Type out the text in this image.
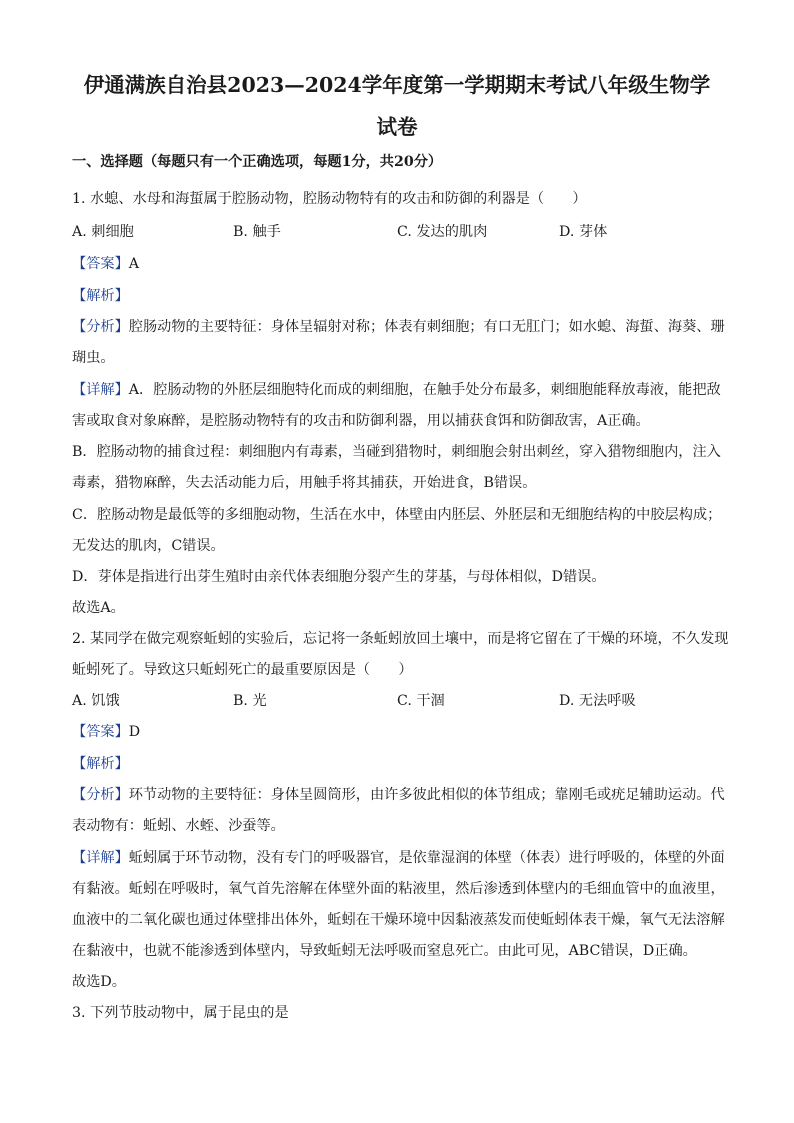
伊通满族自治县2023—2024学年度第一学期期末考试八年级生物学
试卷
一、选择题（每题只有一个正确选项，每题1分，共20分）
1. 水螅、水母和海蜇属于腔肠动物，腔肠动物特有的攻击和防御的利器是（　　）
A. 刺细胞	B. 触手	C. 发达的肌肉	D. 芽体
【答案】A
【解析】
【分析】腔肠动物的主要特征：身体呈辐射对称；体表有刺细胞；有口无肛门；如水螅、海蜇、海葵、珊
瑚虫。
【详解】A．腔肠动物的外胚层细胞特化而成的刺细胞，在触手处分布最多，刺细胞能释放毒液，能把敌
害或取食对象麻醉，是腔肠动物特有的攻击和防御利器，用以捕获食饵和防御敌害，A正确。
B．腔肠动物的捕食过程：刺细胞内有毒素，当碰到猎物时，刺细胞会射出刺丝，穿入猎物细胞内，注入
毒素，猎物麻醉，失去活动能力后，用触手将其捕获，开始进食，B错误。
C．腔肠动物是最低等的多细胞动物，生活在水中，体壁由内胚层、外胚层和无细胞结构的中胶层构成；
无发达的肌肉，C错误。
D．芽体是指进行出芽生殖时由亲代体表细胞分裂产生的芽基，与母体相似，D错误。
故选A。
2. 某同学在做完观察蚯蚓的实验后，忘记将一条蚯蚓放回土壤中，而是将它留在了干燥的环境，不久发现
蚯蚓死了。导致这只蚯蚓死亡的最重要原因是（　　）
A. 饥饿	B. 光	C. 干涸	D. 无法呼吸
【答案】D
【解析】
【分析】环节动物的主要特征：身体呈圆筒形，由许多彼此相似的体节组成；靠刚毛或疣足辅助运动。代
表动物有：蚯蚓、水蛭、沙蚕等。
【详解】蚯蚓属于环节动物，没有专门的呼吸器官，是依靠湿润的体壁（体表）进行呼吸的，体壁的外面
有黏液。蚯蚓在呼吸时，氧气首先溶解在体壁外面的粘液里，然后渗透到体壁内的毛细血管中的血液里，
血液中的二氧化碳也通过体壁排出体外，蚯蚓在干燥环境中因黏液蒸发而使蚯蚓体表干燥，氧气无法溶解
在黏液中，也就不能渗透到体壁内，导致蚯蚓无法呼吸而窒息死亡。由此可见，ABC错误，D正确。
故选D。
3. 下列节肢动物中，属于昆虫的是
